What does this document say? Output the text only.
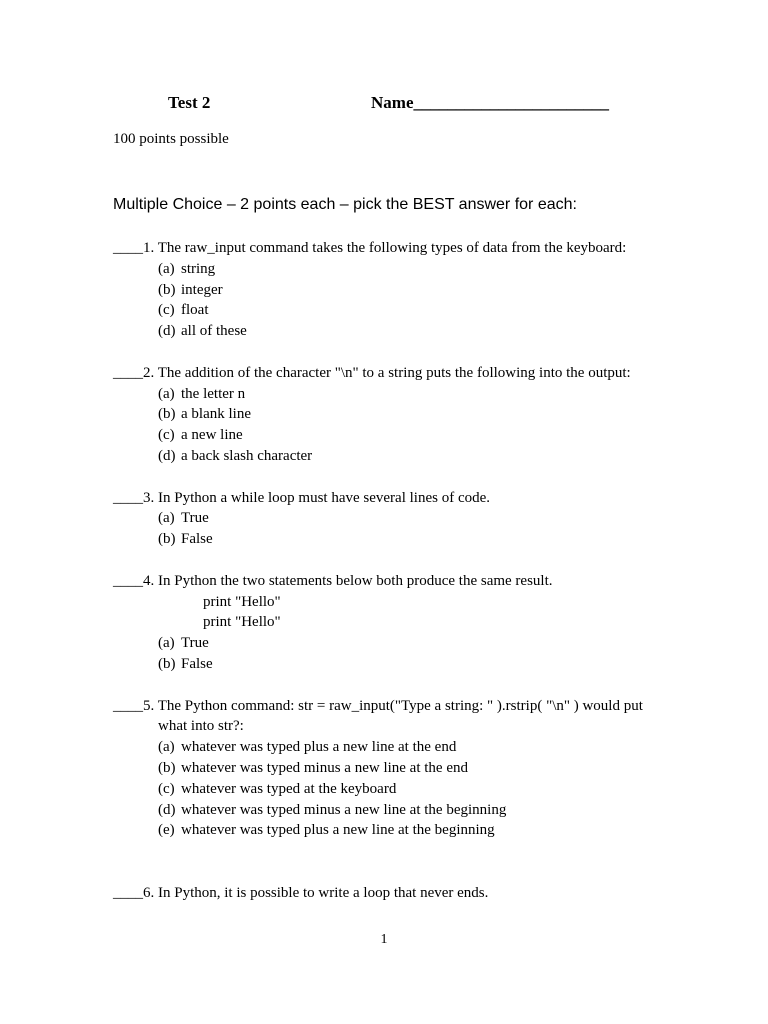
Test 2	Name_______________________
100 points possible
Multiple Choice – 2 points each – pick the BEST answer for each:
____1. The raw_input command takes the following types of data from the keyboard:
(a) string
(b) integer
(c) float
(d) all of these
____2. The addition of the character "\n" to a string puts the following into the output:
(a) the letter n
(b) a blank line
(c) a new line
(d) a back slash character
____3. In Python a while loop must have several lines of code.
(a) True
(b) False
____4. In Python the two statements below both produce the same result.
print "Hello"
print "Hello"
(a) True
(b) False
____5. The Python command: str = raw_input("Type a string: " ).rstrip( "\n" ) would put
what into str?:
(a) whatever was typed plus a new line at the end
(b) whatever was typed minus a new line at the end
(c) whatever was typed at the keyboard
(d) whatever was typed minus a new line at the beginning
(e) whatever was typed plus a new line at the beginning
____6. In Python, it is possible to write a loop that never ends.
1
